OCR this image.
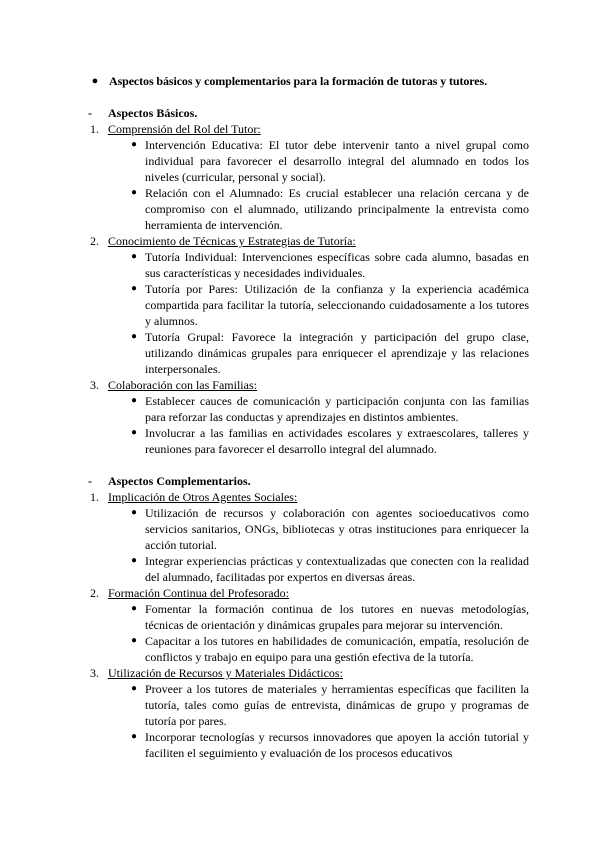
● Aspectos básicos y complementarios para la formación de tutoras y tutores.
- Aspectos Básicos.
1. Comprensión del Rol del Tutor:
● Intervención Educativa: El tutor debe intervenir tanto a nivel grupal como individual para favorecer el desarrollo integral del alumnado en todos los niveles (curricular, personal y social).
● Relación con el Alumnado: Es crucial establecer una relación cercana y de compromiso con el alumnado, utilizando principalmente la entrevista como herramienta de intervención.
2. Conocimiento de Técnicas y Estrategias de Tutoría:
● Tutoría Individual: Intervenciones específicas sobre cada alumno, basadas en sus características y necesidades individuales.
● Tutoría por Pares: Utilización de la confianza y la experiencia académica compartida para facilitar la tutoría, seleccionando cuidadosamente a los tutores y alumnos.
● Tutoría Grupal: Favorece la integración y participación del grupo clase, utilizando dinámicas grupales para enriquecer el aprendizaje y las relaciones interpersonales.
3. Colaboración con las Familias:
● Establecer cauces de comunicación y participación conjunta con las familias para reforzar las conductas y aprendizajes en distintos ambientes.
● Involucrar a las familias en actividades escolares y extraescolares, talleres y reuniones para favorecer el desarrollo integral del alumnado.
- Aspectos Complementarios.
1. Implicación de Otros Agentes Sociales:
● Utilización de recursos y colaboración con agentes socioeducativos como servicios sanitarios, ONGs, bibliotecas y otras instituciones para enriquecer la acción tutorial.
● Integrar experiencias prácticas y contextualizadas que conecten con la realidad del alumnado, facilitadas por expertos en diversas áreas.
2. Formación Continua del Profesorado:
● Fomentar la formación continua de los tutores en nuevas metodologías, técnicas de orientación y dinámicas grupales para mejorar su intervención.
● Capacitar a los tutores en habilidades de comunicación, empatía, resolución de conflictos y trabajo en equipo para una gestión efectiva de la tutoría.
3. Utilización de Recursos y Materiales Didácticos:
● Proveer a los tutores de materiales y herramientas específicas que faciliten la tutoría, tales como guías de entrevista, dinámicas de grupo y programas de tutoría por pares.
● Incorporar tecnologías y recursos innovadores que apoyen la acción tutorial y faciliten el seguimiento y evaluación de los procesos educativos
